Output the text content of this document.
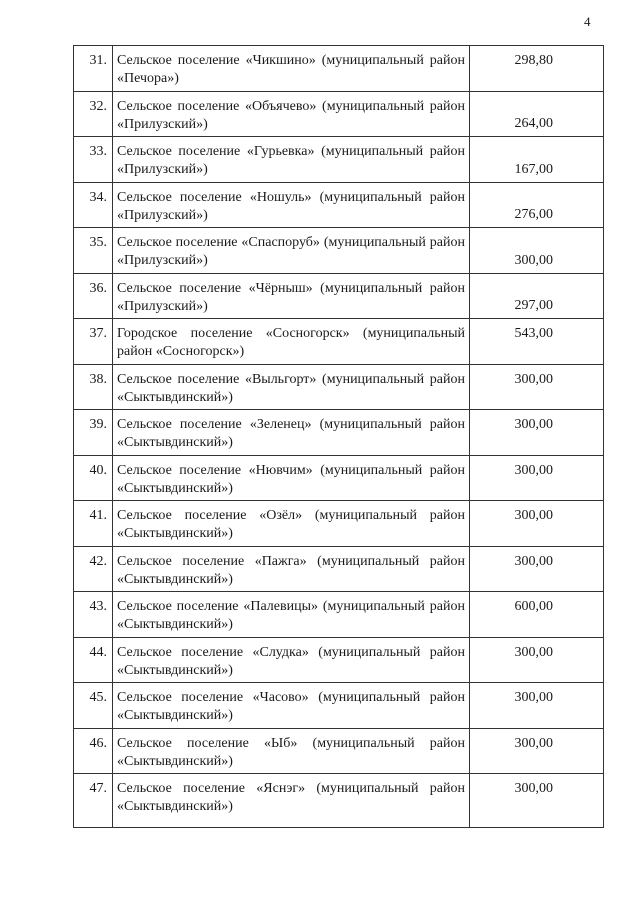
4
31.	Сельское поселение «Чикшино» (муниципальный район «Печора»)	298,80
32.	Сельское поселение «Объячево» (муниципальный район «Прилузский»)	264,00
33.	Сельское поселение «Гурьевка» (муниципальный район «Прилузский»)	167,00
34.	Сельское поселение «Ношуль» (муниципальный район «Прилузский»)	276,00
35.	Сельское поселение «Спаспоруб» (муниципальный район «Прилузский»)	300,00
36.	Сельское поселение «Чёрныш» (муниципальный район «Прилузский»)	297,00
37.	Городское поселение «Сосногорск» (муниципальный район «Сосногорск»)	543,00
38.	Сельское поселение «Выльгорт» (муниципальный район «Сыктывдинский»)	300,00
39.	Сельское поселение «Зеленец» (муниципальный район «Сыктывдинский»)	300,00
40.	Сельское поселение «Нювчим» (муниципальный район «Сыктывдинский»)	300,00
41.	Сельское поселение «Озёл» (муниципальный район «Сыктывдинский»)	300,00
42.	Сельское поселение «Пажга» (муниципальный район «Сыктывдинский»)	300,00
43.	Сельское поселение «Палевицы» (муниципальный район «Сыктывдинский»)	600,00
44.	Сельское поселение «Слудка» (муниципальный район «Сыктывдинский»)	300,00
45.	Сельское поселение «Часово» (муниципальный район «Сыктывдинский»)	300,00
46.	Сельское поселение «Ыб» (муниципальный район «Сыктывдинский»)	300,00
47.	Сельское поселение «Яснэг» (муниципальный район «Сыктывдинский»)	300,00
